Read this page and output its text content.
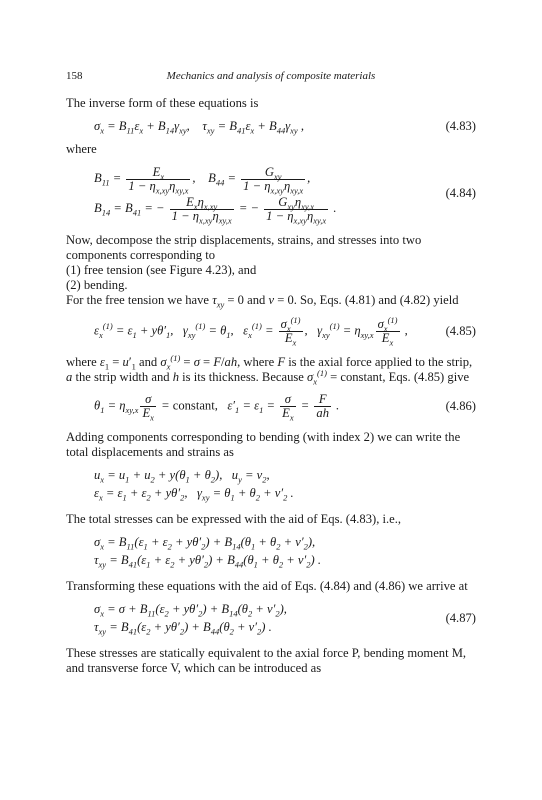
158	Mechanics and analysis of composite materials

The inverse form of these equations is

$\sigma_x = B_{11}\varepsilon_x + B_{14}\gamma_{xy}$,    $\tau_{xy} = B_{41}\varepsilon_x + B_{44}\gamma_{xy}$ ,	(4.83)

where

$B_{11} = \frac{E_x}{1 - \eta_{x,xy}\eta_{xy,x}}$ ,    $B_{44} = \frac{G_{xy}}{1 - \eta_{x,xy}\eta_{xy,x}}$ ,
$B_{14} = B_{41}$ = − $\frac{E_x\eta_{x,xy}}{1 - \eta_{x,xy}\eta_{xy,x}}$ = − $\frac{G_{xy}\eta_{xy,x}}{1 - \eta_{x,xy}\eta_{xy,x}}$ .
(4.84)

Now, decompose the strip displacements, strains, and stresses into two components corresponding to

(1) free tension (see Figure 4.23), and

(2) bending.

For the free tension we have $\tau_{xy} = 0$ and v = 0. So, Eqs. (4.81) and (4.82) yield

$\varepsilon_x^{(1)} = \varepsilon_1 + y\theta'_1$,   $\gamma_{xy}^{(1)} = \theta_1$,   $\varepsilon_x^{(1)} = \frac{\sigma_x^{(1)}}{E_x}$ ,   $\gamma_{xy}^{(1)} = \eta_{xy,x} \frac{\sigma_x^{(1)}}{E_x}$ ,	(4.85)

where $\varepsilon_1 = u'_1$ and $\sigma_x^{(1)} = \sigma = F/ah$, where F is the axial force applied to the strip, a the strip width and h is its thickness. Because $\sigma_x^{(1)}$ = constant, Eqs. (4.85) give

$\theta_1 = \eta_{xy,x} \frac{\sigma}{E_x}$ = constant,   $\varepsilon'_1 = \varepsilon_1 = \frac{\sigma}{E_x} = \frac{F}{ah}$ .	(4.86)

Adding components corresponding to bending (with index 2) we can write the total displacements and strains as

$u_x = u_1 + u_2 + y(\theta_1 + \theta_2)$,   $u_y = v_2$,
$\varepsilon_x = \varepsilon_1 + \varepsilon_2 + y\theta'_2$,   $\gamma_{xy} = \theta_1 + \theta_2 + v'_2$ .

The total stresses can be expressed with the aid of Eqs. (4.83), i.e.,

$\sigma_x = B_{11}(\varepsilon_1 + \varepsilon_2 + y\theta'_2) + B_{14}(\theta_1 + \theta_2 + v'_2)$,
$\tau_{xy} = B_{41}(\varepsilon_1 + \varepsilon_2 + y\theta'_2) + B_{44}(\theta_1 + \theta_2 + v'_2)$ .

Transforming these equations with the aid of Eqs. (4.84) and (4.86) we arrive at

$\sigma_x = \sigma + B_{11}(\varepsilon_2 + y\theta'_2) + B_{14}(\theta_2 + v'_2)$,
$\tau_{xy} = B_{41}(\varepsilon_2 + y\theta'_2) + B_{44}(\theta_2 + v'_2)$ .
(4.87)

These stresses are statically equivalent to the axial force P, bending moment M, and transverse force V, which can be introduced as
